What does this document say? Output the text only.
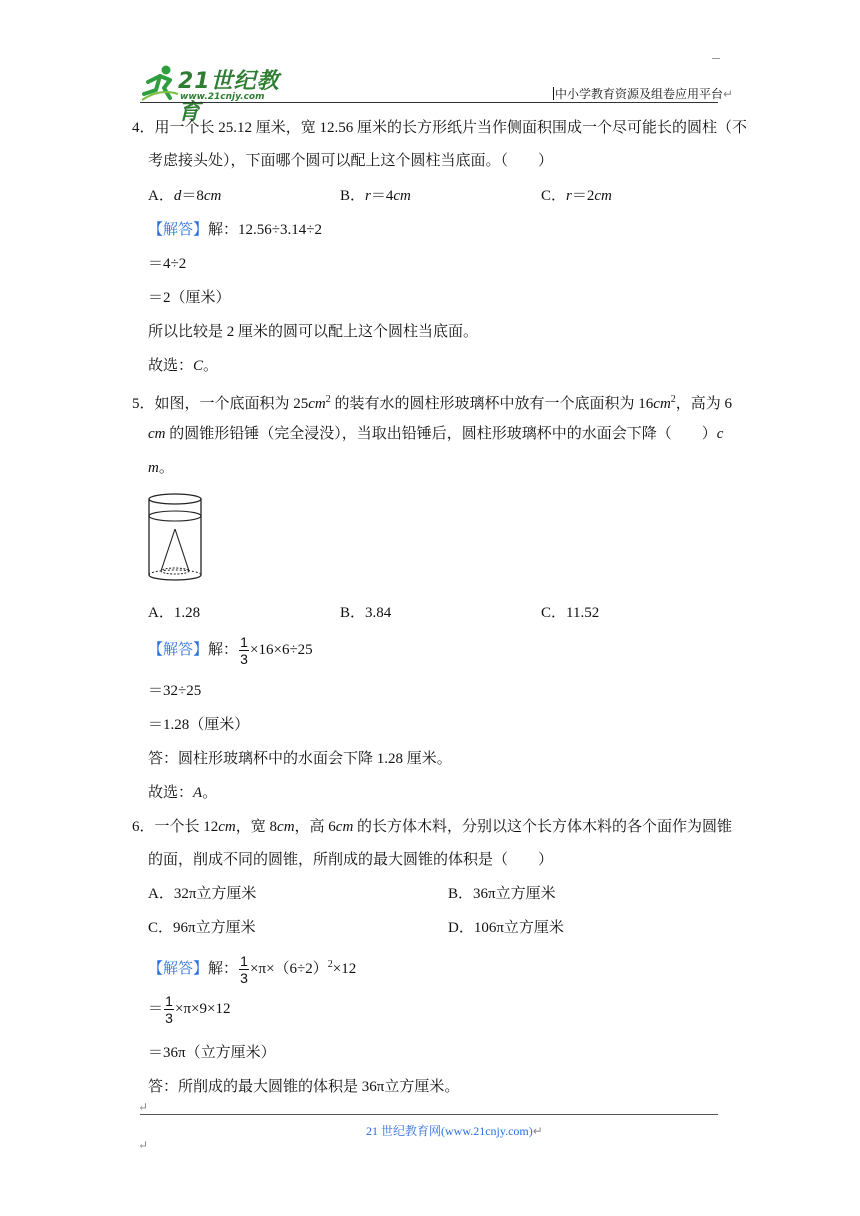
21世纪教育
www.21cnjy.com	中小学教育资源及组卷应用平台↵
4．用一个长 25.12 厘米，宽 12.56 厘米的长方形纸片当作侧面积围成一个尽可能长的圆柱（不
考虑接头处），下面哪个圆可以配上这个圆柱当底面。（　　）
A．d＝8cm	B．r＝4cm	C．r＝2cm
【解答】解：12.56÷3.14÷2
＝4÷2
＝2（厘米）
所以比较是 2 厘米的圆可以配上这个圆柱当底面。
故选：C。
5．如图，一个底面积为 $25cm^2$ 的装有水的圆柱形玻璃杯中放有一个底面积为 $16cm^2$，高为 6
cm 的圆锥形铅锤（完全浸没），当取出铅锤后，圆柱形玻璃杯中的水面会下降（　　）c
m。
A．1.28	B．3.84	C．11.52
【解答】解： $\frac{1}{3} \times 16\times 6\div 25$
＝32÷25
＝1.28（厘米）
答：圆柱形玻璃杯中的水面会下降 1.28 厘米。
故选：A。
6．一个长 12cm，宽 8cm，高 6cm 的长方体木料，分别以这个长方体木料的各个面作为圆锥
的面，削成不同的圆锥，所削成的最大圆锥的体积是（　　）
A．32π立方厘米	B．36π立方厘米
C．96π立方厘米	D．106π立方厘米
【解答】解： $\frac{1}{3} \times\pi\times(6\div 2)^2\times 12$
＝ $\frac{1}{3} \times\pi\times 9\times 12$
＝36π（立方厘米）
答：所削成的最大圆锥的体积是 36π立方厘米。
↵
21 世纪教育网(www.21cnjy.com)↵
↵
